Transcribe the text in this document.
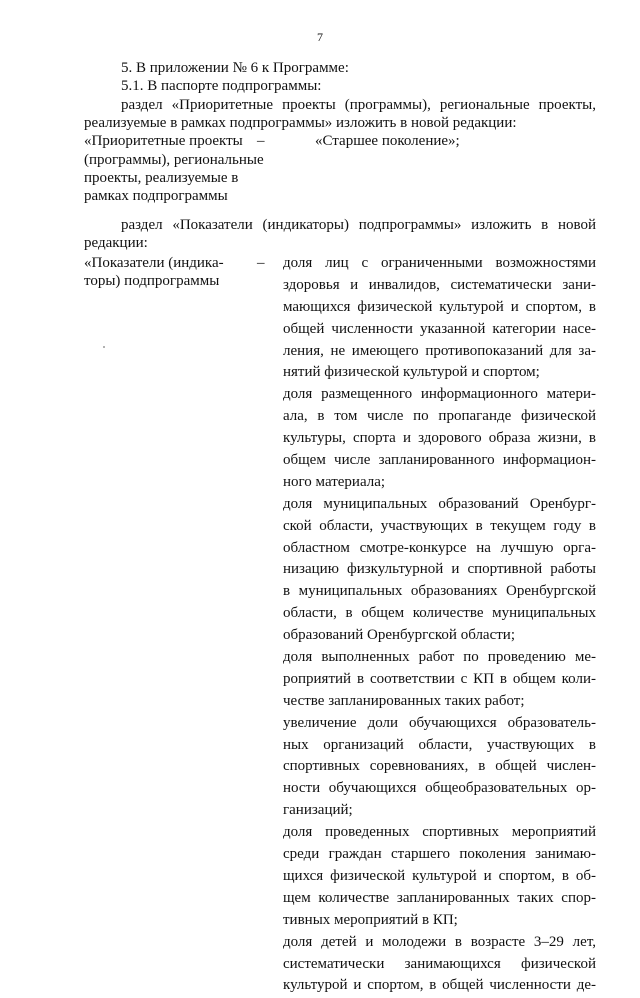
7
5. В приложении № 6 к Программе:
5.1. В паспорте подпрограммы:
раздел «Приоритетные проекты (программы), региональные проекты,
реализуемые в рамках подпрограммы» изложить в новой редакции:
«Приоритетные проекты
(программы), региональные
проекты, реализуемые в
рамках подпрограммы
–	«Старшее поколение»;
раздел «Показатели (индикаторы) подпрограммы» изложить в новой
редакции:
«Показатели (индика-
торы) подпрограммы
– доля лиц с ограниченными возможностями
здоровья и инвалидов, систематически зани-
мающихся физической культурой и спортом, в
общей численности указанной категории насе-
ления, не имеющего противопоказаний для за-
нятий физической культурой и спортом;
доля размещенного информационного матери-
ала, в том числе по пропаганде физической
культуры, спорта и здорового образа жизни, в
общем числе запланированного информацион-
ного материала;
доля муниципальных образований Оренбург-
ской области, участвующих в текущем году в
областном смотре-конкурсе на лучшую орга-
низацию физкультурной и спортивной работы
в муниципальных образованиях Оренбургской
области, в общем количестве муниципальных
образований Оренбургской области;
доля выполненных работ по проведению ме-
роприятий в соответствии с КП в общем коли-
честве запланированных таких работ;
увеличение доли обучающихся образователь-
ных организаций области, участвующих в
спортивных соревнованиях, в общей числен-
ности обучающихся общеобразовательных ор-
ганизаций;
доля проведенных спортивных мероприятий
среди граждан старшего поколения занимаю-
щихся физической культурой и спортом, в об-
щем количестве запланированных таких спор-
тивных мероприятий в КП;
доля детей и молодежи в возрасте 3–29 лет,
систематически занимающихся физической
культурой и спортом, в общей численности де-
